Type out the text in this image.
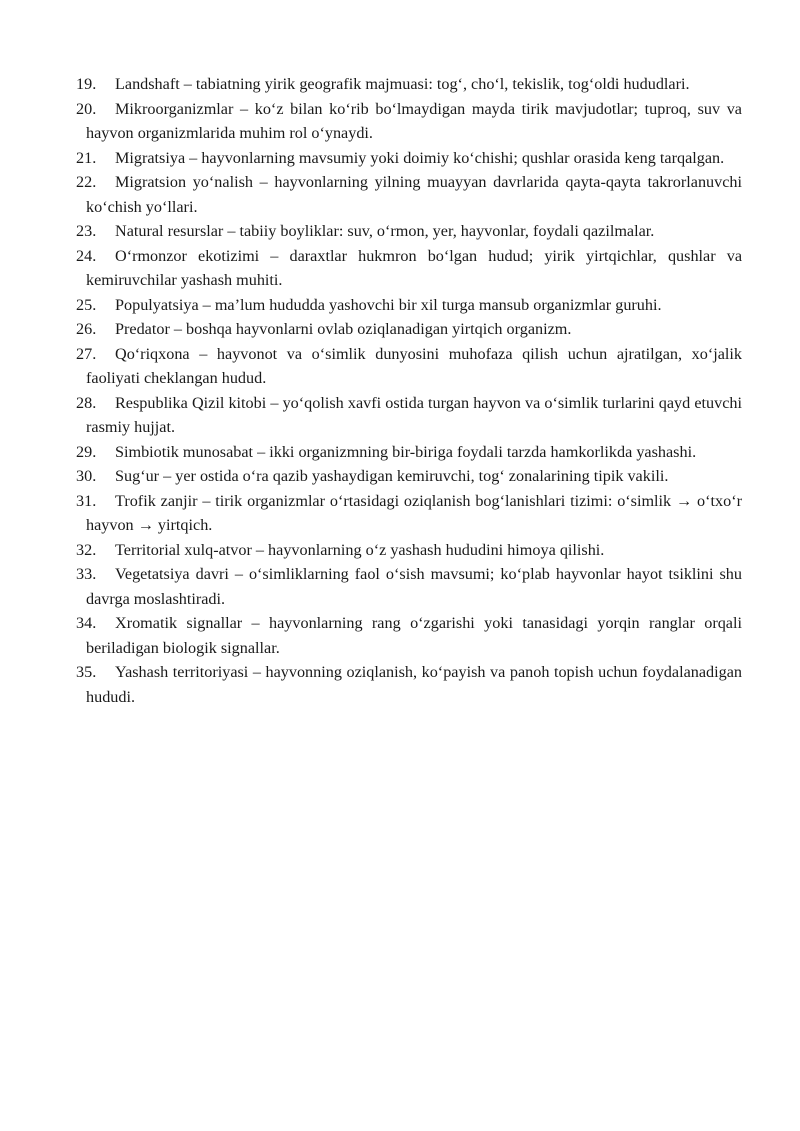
19. Landshaft – tabiatning yirik geografik majmuasi: tog‘, cho‘l, tekislik, tog‘oldi hududlari.
20. Mikroorganizmlar – ko‘z bilan ko‘rib bo‘lmaydigan mayda tirik mavjudotlar; tuproq, suv va hayvon organizmlarida muhim rol o‘ynaydi.
21. Migratsiya – hayvonlarning mavsumiy yoki doimiy ko‘chishi; qushlar orasida keng tarqalgan.
22. Migratsion yo‘nalish – hayvonlarning yilning muayyan davrlarida qayta-qayta takrorlanuvchi ko‘chish yo‘llari.
23. Natural resurslar – tabiiy boyliklar: suv, o‘rmon, yer, hayvonlar, foydali qazilmalar.
24. O‘rmonzor ekotizimi – daraxtlar hukmron bo‘lgan hudud; yirik yirtqichlar, qushlar va kemiruvchilar yashash muhiti.
25. Populyatsiya – ma’lum hududda yashovchi bir xil turga mansub organizmlar guruhi.
26. Predator – boshqa hayvonlarni ovlab oziqlanadigan yirtqich organizm.
27. Qo‘riqxona – hayvonot va o‘simlik dunyosini muhofaza qilish uchun ajratilgan, xo‘jalik faoliyati cheklangan hudud.
28. Respublika Qizil kitobi – yo‘qolish xavfi ostida turgan hayvon va o‘simlik turlarini qayd etuvchi rasmiy hujjat.
29. Simbiotik munosabat – ikki organizmning bir-biriga foydali tarzda hamkorlikda yashashi.
30. Sug‘ur – yer ostida o‘ra qazib yashaydigan kemiruvchi, tog‘ zonalarining tipik vakili.
31. Trofik zanjir – tirik organizmlar o‘rtasidagi oziqlanish bog‘lanishlari tizimi: o‘simlik → o‘txo‘r hayvon → yirtqich.
32. Territorial xulq-atvor – hayvonlarning o‘z yashash hududini himoya qilishi.
33. Vegetatsiya davri – o‘simliklarning faol o‘sish mavsumi; ko‘plab hayvonlar hayot tsiklini shu davrga moslashtiradi.
34. Xromatik signallar – hayvonlarning rang o‘zgarishi yoki tanasidagi yorqin ranglar orqali beriladigan biologik signallar.
35. Yashash territoriyasi – hayvonning oziqlanish, ko‘payish va panoh topish uchun foydalanadigan hududi.
